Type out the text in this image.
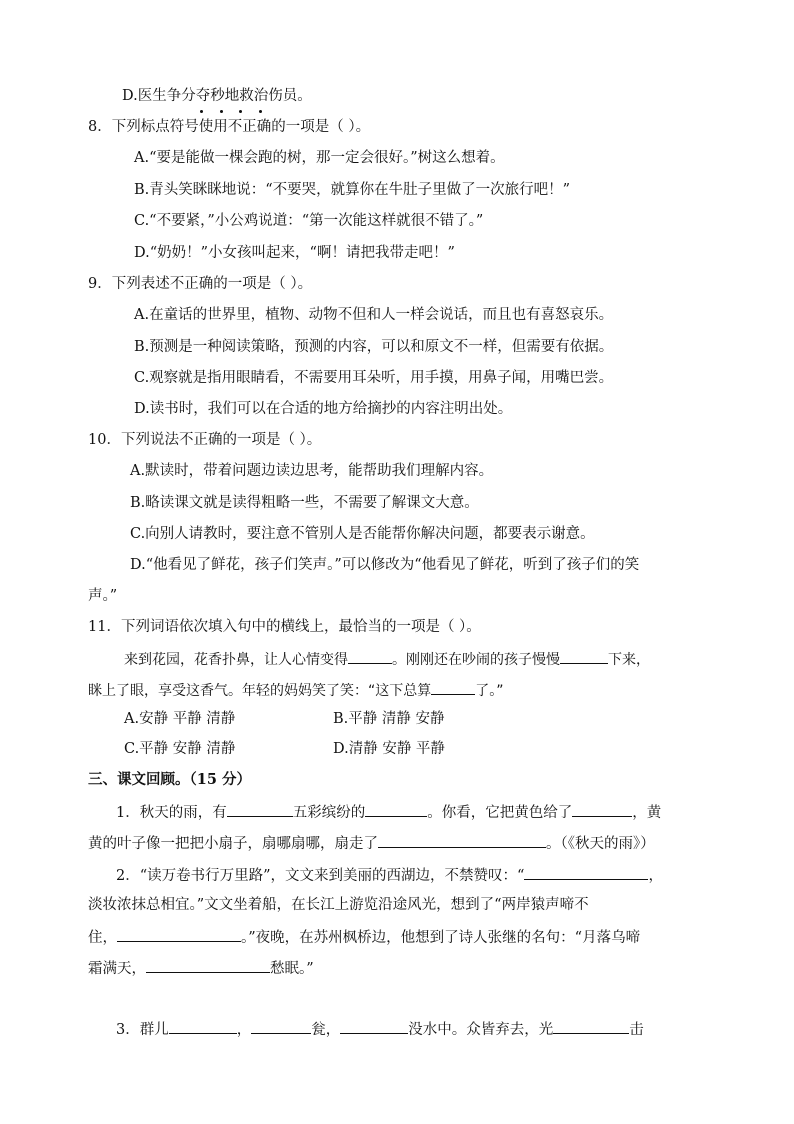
D.医生争分夺秒地救治伤员。
8．下列标点符号使用不正确的一项是（ ）。
A.“要是能做一棵会跑的树，那一定会很好。”树这么想着。
B.青头笑眯眯地说：“不要哭，就算你在牛肚子里做了一次旅行吧！”
C.“不要紧，”小公鸡说道：“第一次能这样就很不错了。”
D.“奶奶！”小女孩叫起来，“啊！请把我带走吧！”
9．下列表述不正确的一项是（ ）。
A.在童话的世界里，植物、动物不但和人一样会说话，而且也有喜怒哀乐。
B.预测是一种阅读策略，预测的内容，可以和原文不一样，但需要有依据。
C.观察就是指用眼睛看，不需要用耳朵听，用手摸，用鼻子闻，用嘴巴尝。
D.读书时，我们可以在合适的地方给摘抄的内容注明出处。
10．下列说法不正确的一项是（ ）。
A.默读时，带着问题边读边思考，能帮助我们理解内容。
B.略读课文就是读得粗略一些，不需要了解课文大意。
C.向别人请教时，要注意不管别人是否能帮你解决问题，都要表示谢意。
D.“他看见了鲜花，孩子们笑声。”可以修改为“他看见了鲜花，听到了孩子们的笑
声。”
11．下列词语依次填入句中的横线上，最恰当的一项是（ ）。
来到花园，花香扑鼻，让人心情变得	。刚刚还在吵闹的孩子慢慢	下来，
眯上了眼，享受这香气。年轻的妈妈笑了笑：“这下总算	了。”
A.安静 平静 清静	B.平静 清静 安静
C.平静 安静 清静	D.清静 安静 平静
三、课文回顾。（15 分）
1．秋天的雨，有	五彩缤纷的	。你看，它把黄色给了	，黄
黄的叶子像一把把小扇子，扇哪扇哪，扇走了	。（《秋天的雨》）
2．“读万卷书行万里路”，文文来到美丽的西湖边，不禁赞叹：“	，
淡妆浓抹总相宜。”文文坐着船，在长江上游览沿途风光，想到了“两岸猿声啼不
住，	。”夜晚，在苏州枫桥边，他想到了诗人张继的名句：“月落乌啼
霜满天，	愁眠。”
3．群儿	，	瓮，	没水中。众皆弃去，光	击
